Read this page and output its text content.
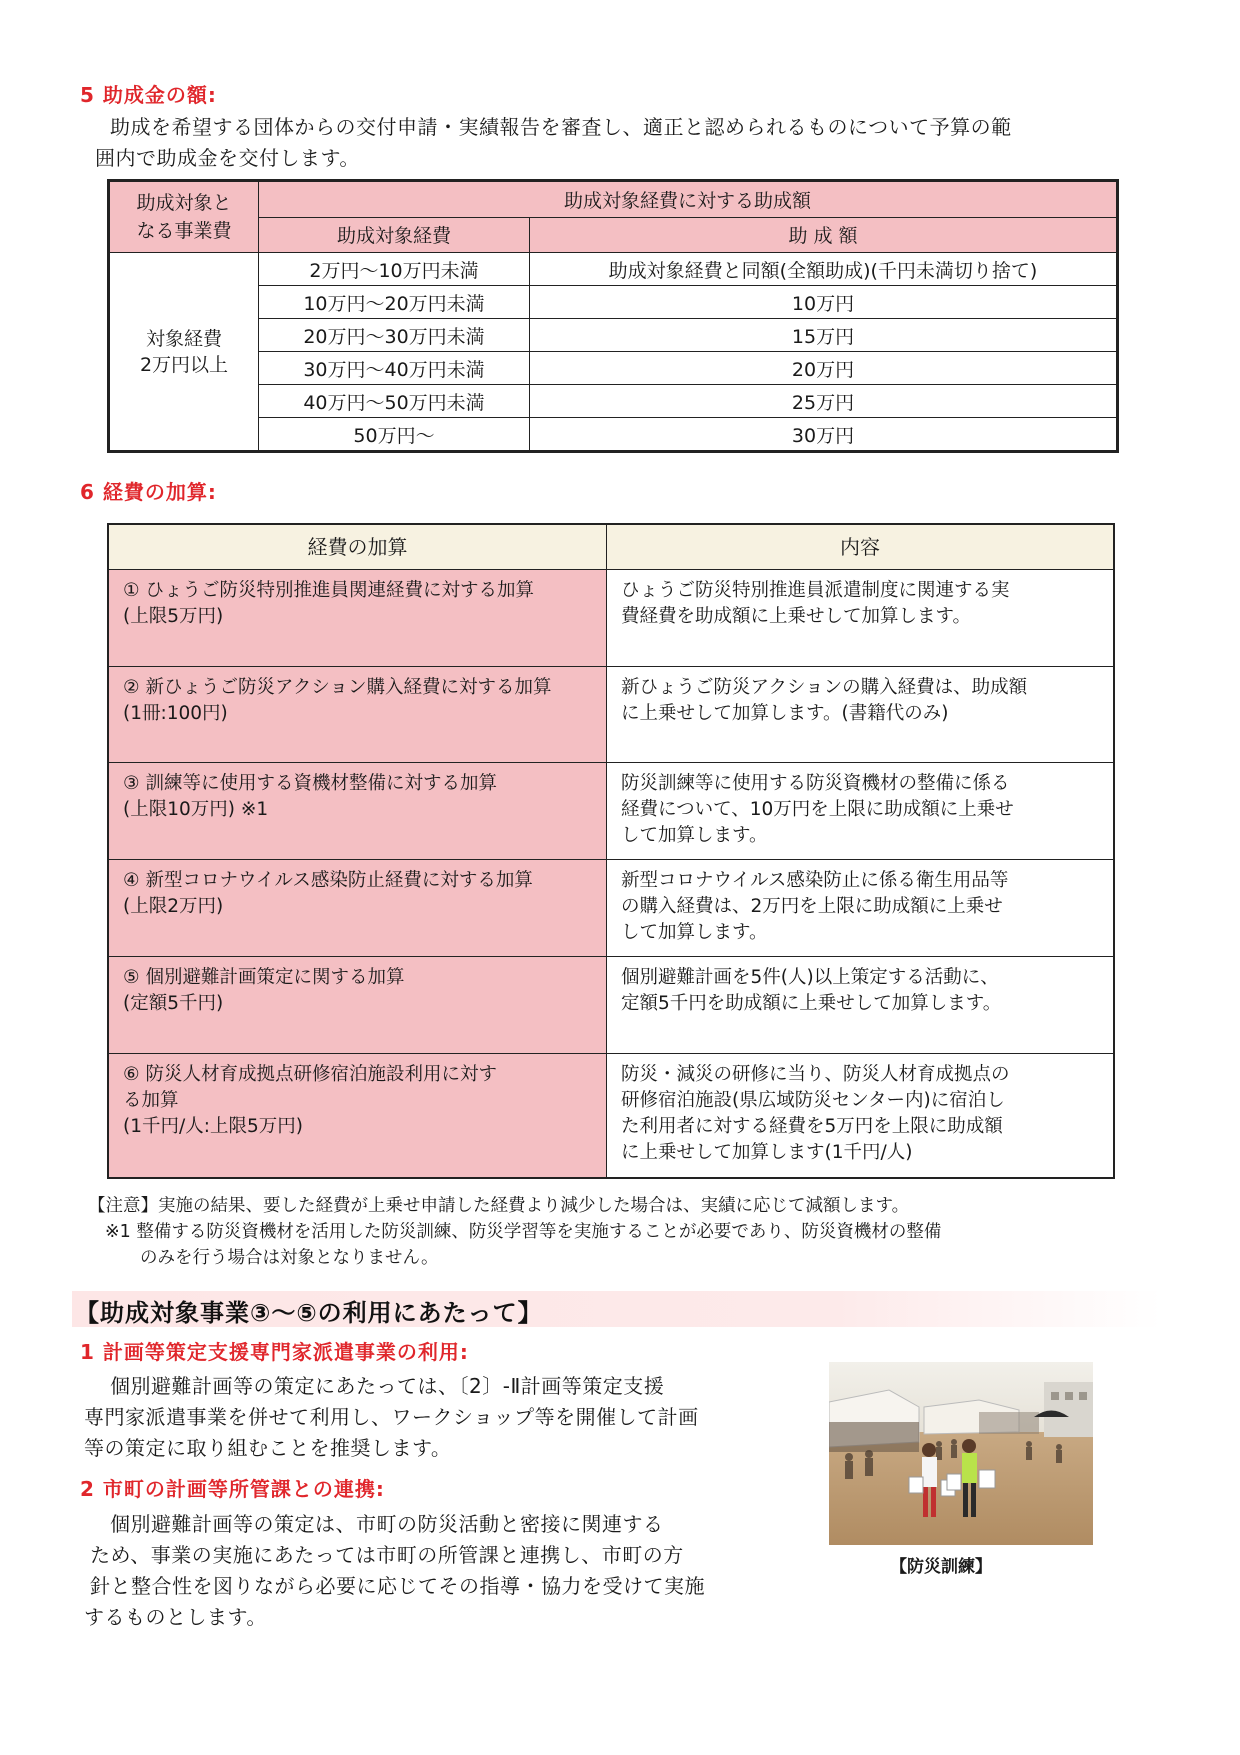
5 助成金の額:
助成を希望する団体からの交付申請・実績報告を審査し、適正と認められるものについて予算の範
囲内で助成金を交付します。
助成対象と
なる事業費	助成対象経費に対する助成額	
	助成対象経費	助 成 額
対象経費
2万円以上	2万円～10万円未満	助成対象経費と同額(全額助成)(千円未満切り捨て)
	10万円～20万円未満	10万円
	20万円～30万円未満	15万円
	30万円～40万円未満	20万円
	40万円～50万円未満	25万円
	50万円～	30万円
6 経費の加算:
経費の加算	内容
① ひょうご防災特別推進員関連経費に対する加算
(上限5万円)	ひょうご防災特別推進員派遣制度に関連する実
費経費を助成額に上乗せして加算します。
② 新ひょうご防災アクション購入経費に対する加算
(1冊:100円)	新ひょうご防災アクションの購入経費は、助成額
に上乗せして加算します。(書籍代のみ)
③ 訓練等に使用する資機材整備に対する加算
(上限10万円) ※1	防災訓練等に使用する防災資機材の整備に係る
経費について、10万円を上限に助成額に上乗せ
して加算します。
④ 新型コロナウイルス感染防止経費に対する加算
(上限2万円)	新型コロナウイルス感染防止に係る衛生用品等
の購入経費は、2万円を上限に助成額に上乗せ
して加算します。
⑤ 個別避難計画策定に関する加算
(定額5千円)	個別避難計画を5件(人)以上策定する活動に、
定額5千円を助成額に上乗せして加算します。
⑥ 防災人材育成拠点研修宿泊施設利用に対す
る加算
(1千円/人:上限5万円)	防災・減災の研修に当り、防災人材育成拠点の
研修宿泊施設(県広域防災センター内)に宿泊し
た利用者に対する経費を5万円を上限に助成額
に上乗せして加算します(1千円/人)
【注意】実施の結果、要した経費が上乗せ申請した経費より減少した場合は、実績に応じて減額します。
※1 整備する防災資機材を活用した防災訓練、防災学習等を実施することが必要であり、防災資機材の整備
のみを行う場合は対象となりません。
【助成対象事業③～⑤の利用にあたって】
1 計画等策定支援専門家派遣事業の利用:
個別避難計画等の策定にあたっては、〔2〕-Ⅱ計画等策定支援
専門家派遣事業を併せて利用し、ワークショップ等を開催して計画
等の策定に取り組むことを推奨します。
2 市町の計画等所管課との連携:
個別避難計画等の策定は、市町の防災活動と密接に関連する
ため、事業の実施にあたっては市町の所管課と連携し、市町の方
針と整合性を図りながら必要に応じてその指導・協力を受けて実施
するものとします。
【防災訓練】
